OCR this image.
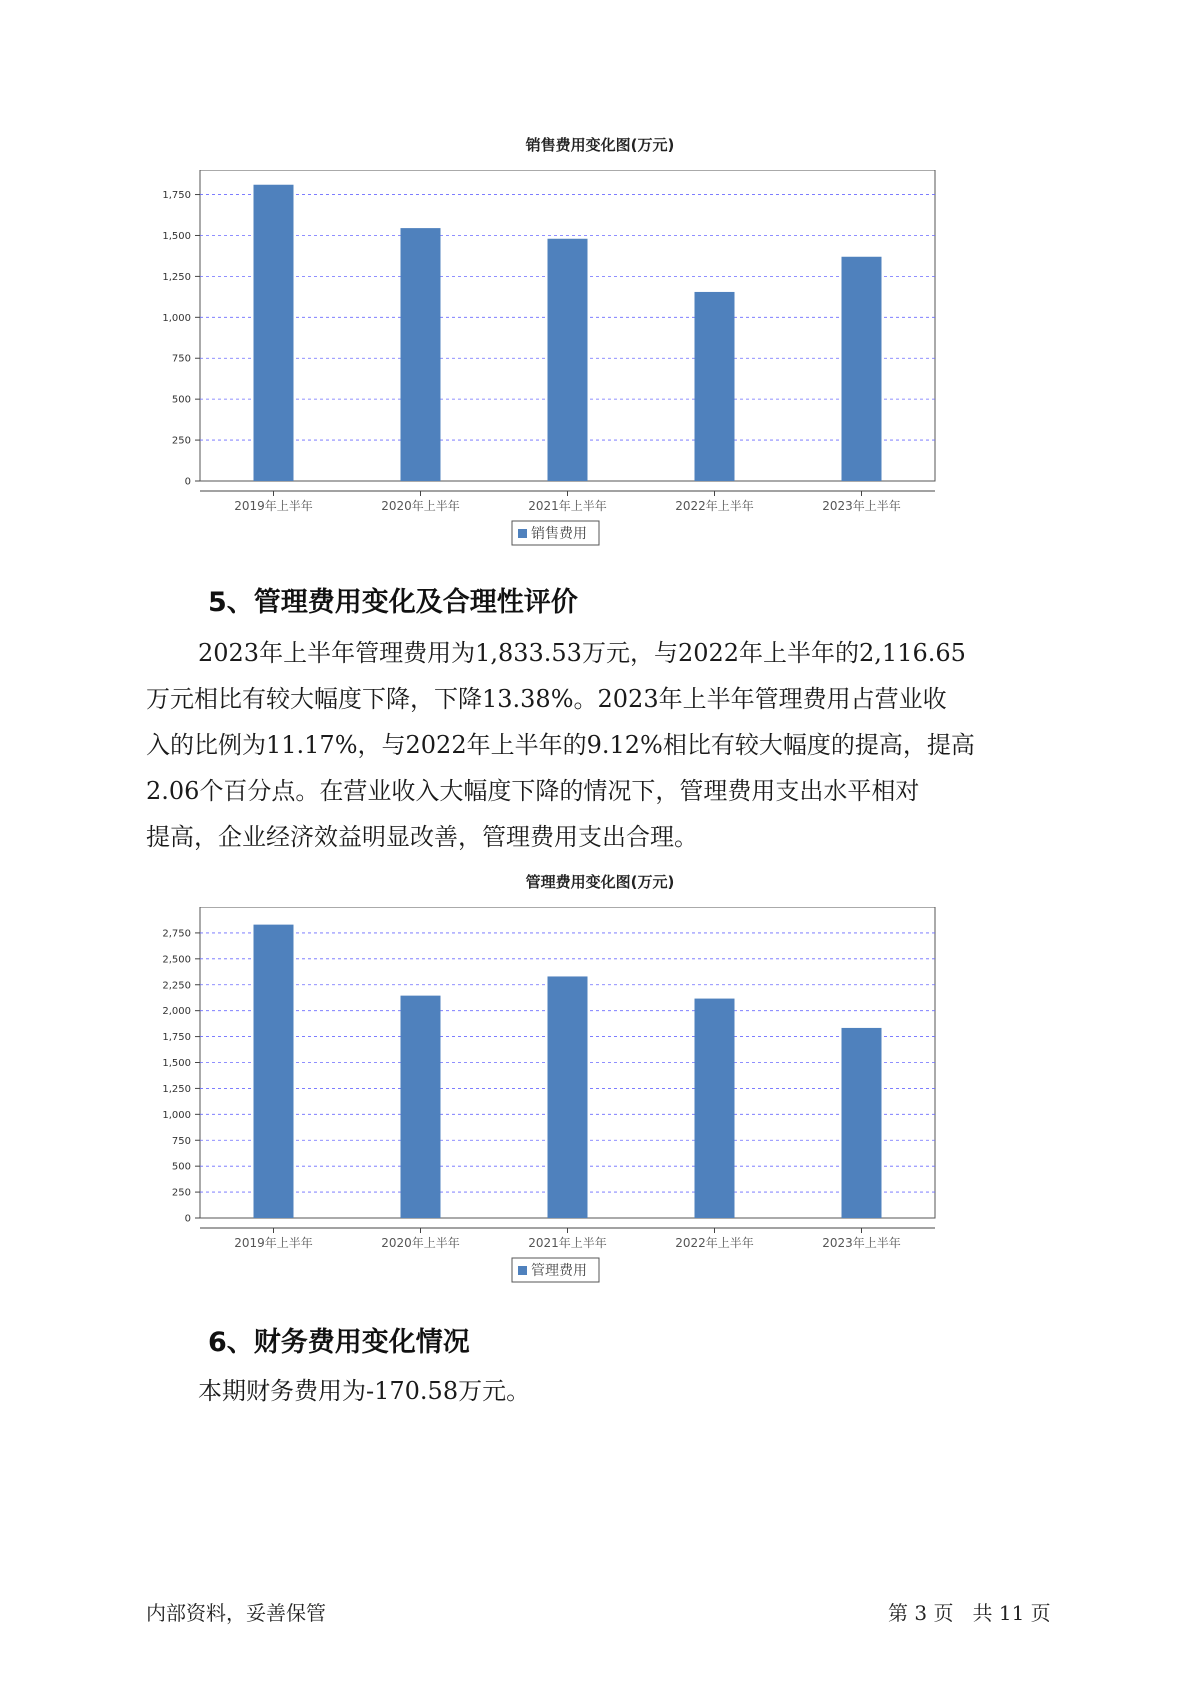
销售费用变化图(万元)
0
250
500
750
1,000
1,250
1,500
1,750
2019年上半年	2020年上半年	2021年上半年	2022年上半年	2023年上半年
销售费用
5、管理费用变化及合理性评价
2023年上半年管理费用为1,833.53万元，与2022年上半年的2,116.65
万元相比有较大幅度下降，下降13.38%。2023年上半年管理费用占营业收
入的比例为11.17%，与2022年上半年的9.12%相比有较大幅度的提高，提高
2.06个百分点。在营业收入大幅度下降的情况下，管理费用支出水平相对
提高，企业经济效益明显改善，管理费用支出合理。
管理费用变化图(万元)
0
250
500
750
1,000
1,250
1,500
1,750
2,000
2,250
2,500
2,750
2019年上半年	2020年上半年	2021年上半年	2022年上半年	2023年上半年
管理费用
6、财务费用变化情况
本期财务费用为-170.58万元。
内部资料，妥善保管	第 3 页   共 11 页
